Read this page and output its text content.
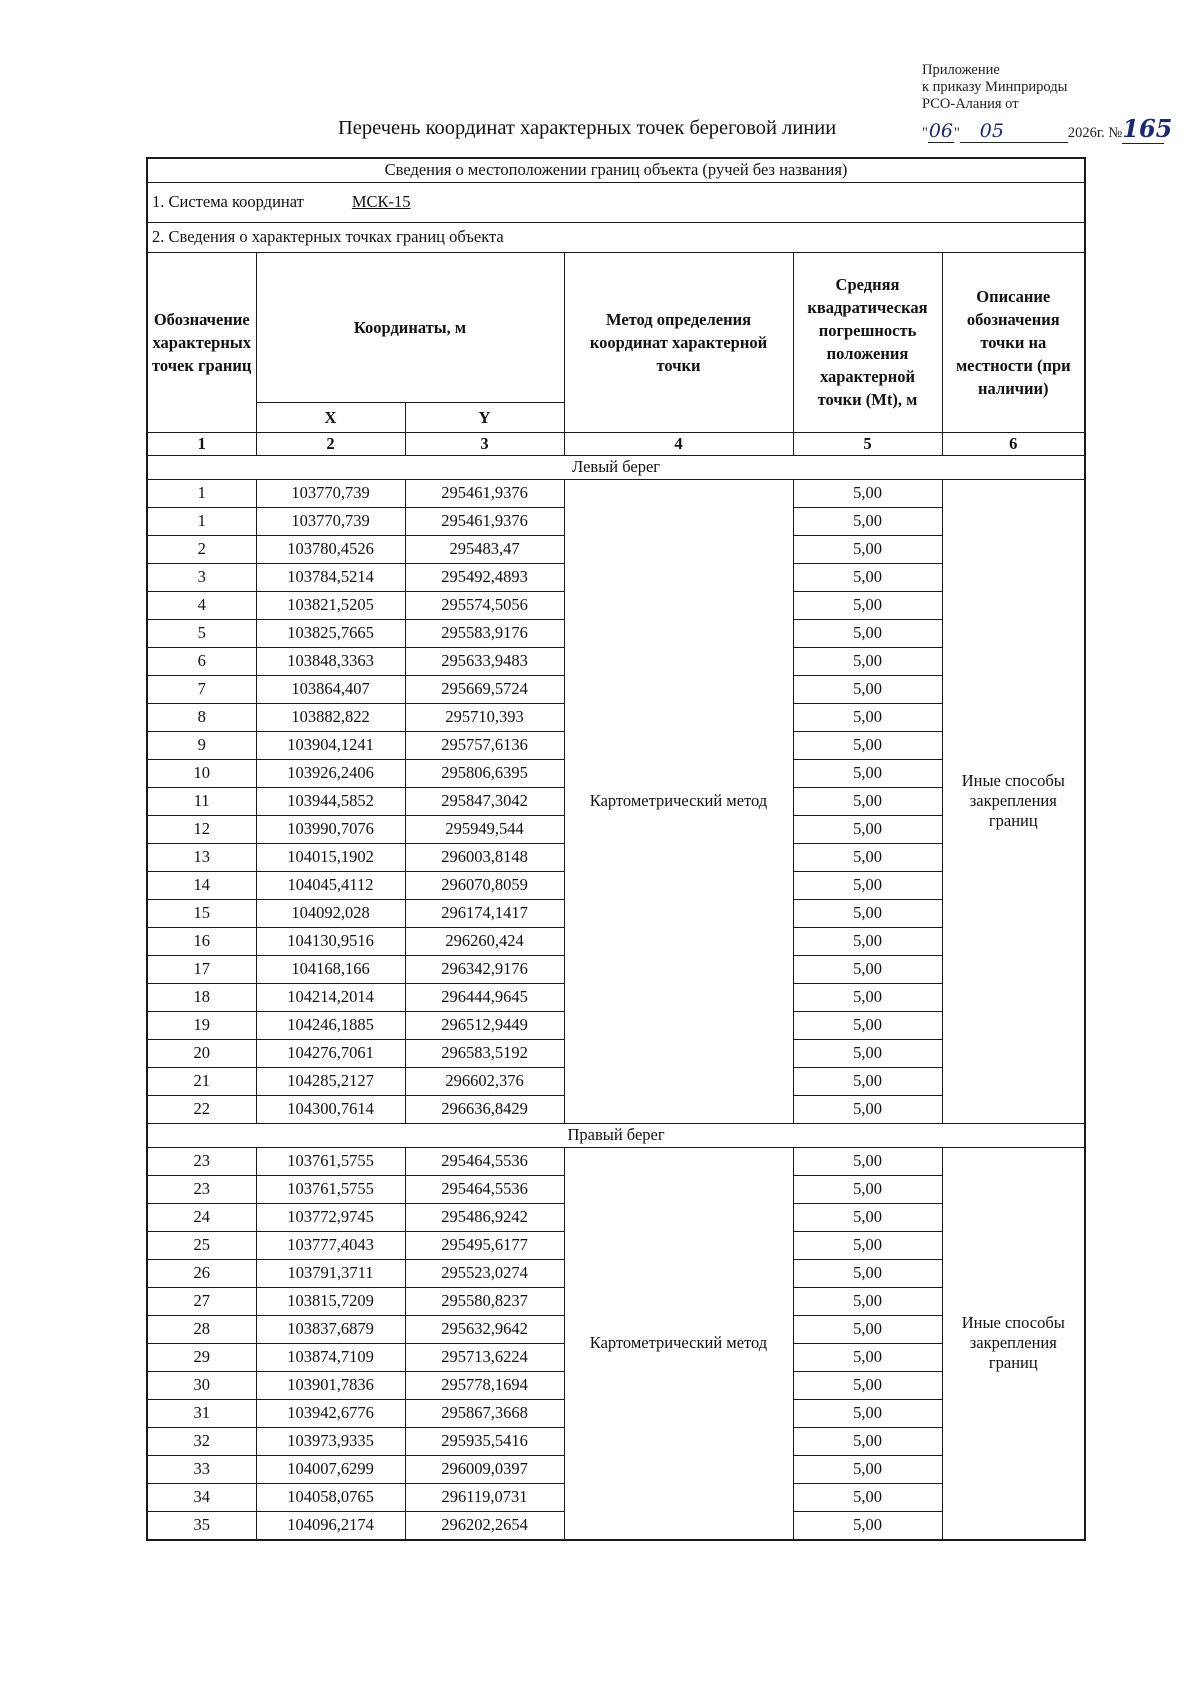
Приложение
к приказу Минприроды
РСО-Алания от
"06" 05	2026г. №165
Перечень координат характерных точек береговой линии
Сведения о местоположении границ объекта (ручей без названия)					
1. Система координат МСК-15					
2. Сведения о характерных точках границ объекта					
Обозначение характерных точек границ	Координаты, м		Метод определения координат характерной точки	Средняя квадратическая погрешность положения характерной точки (Mt), м	Описание обозначения точки на местности (при наличии)
	X	Y			
1	2	3	4	5	6
Левый берег					
1	103770,739	295461,9376	Картометрический метод	5,00	Иные способы закрепления границ
1	103770,739	295461,9376		5,00	
2	103780,4526	295483,47		5,00	
3	103784,5214	295492,4893		5,00	
4	103821,5205	295574,5056		5,00	
5	103825,7665	295583,9176		5,00	
6	103848,3363	295633,9483		5,00	
7	103864,407	295669,5724		5,00	
8	103882,822	295710,393		5,00	
9	103904,1241	295757,6136		5,00	
10	103926,2406	295806,6395		5,00	
11	103944,5852	295847,3042		5,00	
12	103990,7076	295949,544		5,00	
13	104015,1902	296003,8148		5,00	
14	104045,4112	296070,8059		5,00	
15	104092,028	296174,1417		5,00	
16	104130,9516	296260,424		5,00	
17	104168,166	296342,9176		5,00	
18	104214,2014	296444,9645		5,00	
19	104246,1885	296512,9449		5,00	
20	104276,7061	296583,5192		5,00	
21	104285,2127	296602,376		5,00	
22	104300,7614	296636,8429		5,00	
Правый берег					
23	103761,5755	295464,5536	Картометрический метод	5,00	Иные способы закрепления границ
23	103761,5755	295464,5536		5,00	
24	103772,9745	295486,9242		5,00	
25	103777,4043	295495,6177		5,00	
26	103791,3711	295523,0274		5,00	
27	103815,7209	295580,8237		5,00	
28	103837,6879	295632,9642		5,00	
29	103874,7109	295713,6224		5,00	
30	103901,7836	295778,1694		5,00	
31	103942,6776	295867,3668		5,00	
32	103973,9335	295935,5416		5,00	
33	104007,6299	296009,0397		5,00	
34	104058,0765	296119,0731		5,00	
35	104096,2174	296202,2654		5,00	
